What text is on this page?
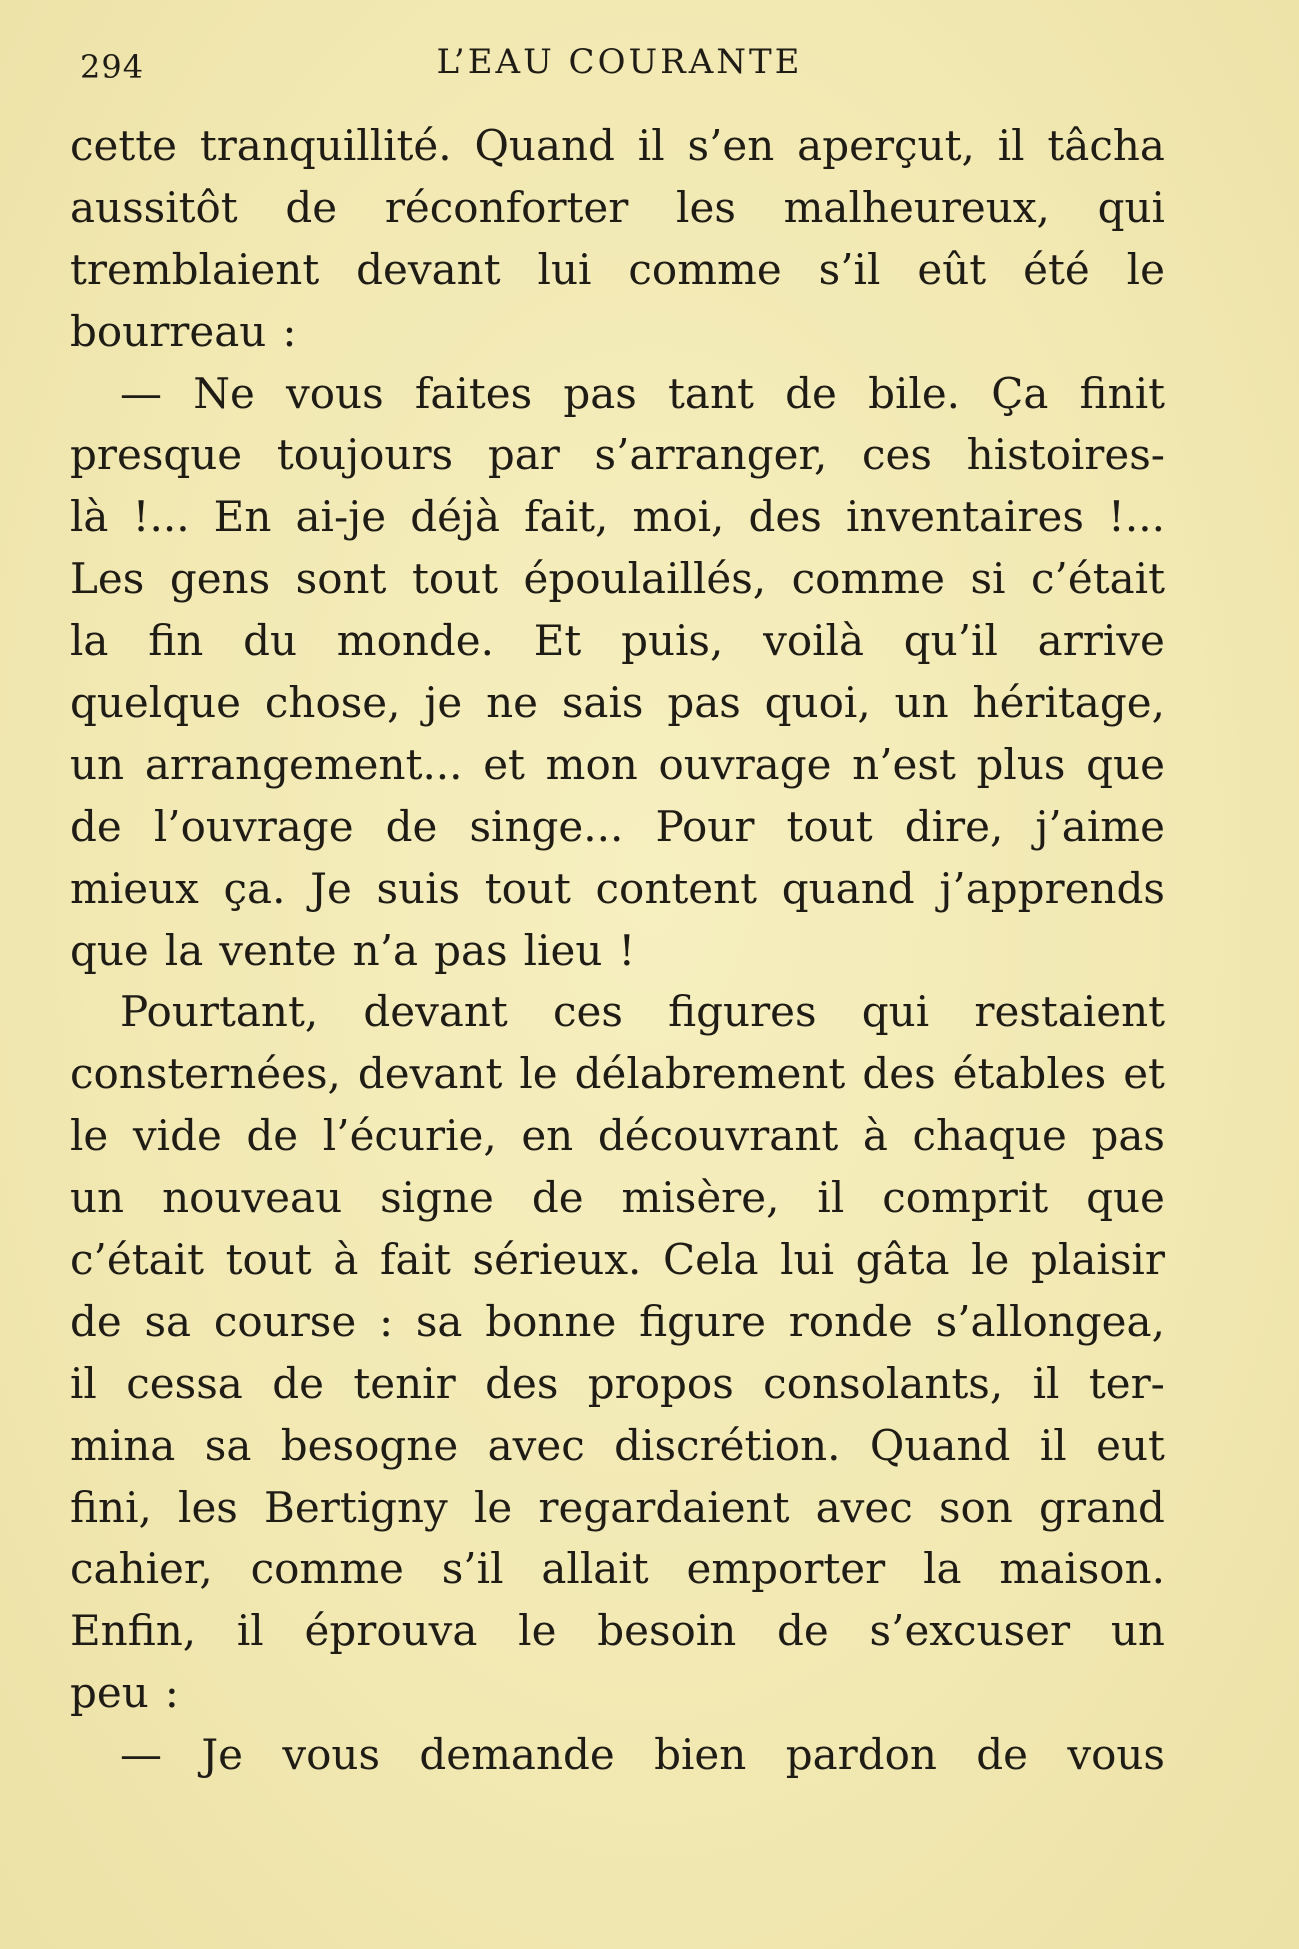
294	L’EAU COURANTE
cette tranquillité. Quand il s’en aperçut, il tâcha
aussitôt de réconforter les malheureux, qui
tremblaient devant lui comme s’il eût été le
bourreau :
— Ne vous faites pas tant de bile. Ça finit
presque toujours par s’arranger, ces histoires-
là !... En ai-je déjà fait, moi, des inventaires !...
Les gens sont tout époulaillés, comme si c’était
la fin du monde. Et puis, voilà qu’il arrive
quelque chose, je ne sais pas quoi, un héritage,
un arrangement... et mon ouvrage n’est plus que
de l’ouvrage de singe... Pour tout dire, j’aime
mieux ça. Je suis tout content quand j’apprends
que la vente n’a pas lieu !
Pourtant, devant ces figures qui restaient
consternées, devant le délabrement des étables et
le vide de l’écurie, en découvrant à chaque pas
un nouveau signe de misère, il comprit que
c’était tout à fait sérieux. Cela lui gâta le plaisir
de sa course : sa bonne figure ronde s’allongea,
il cessa de tenir des propos consolants, il ter-
mina sa besogne avec discrétion. Quand il eut
fini, les Bertigny le regardaient avec son grand
cahier, comme s’il allait emporter la maison.
Enfin, il éprouva le besoin de s’excuser un
peu :
— Je vous demande bien pardon de vous
